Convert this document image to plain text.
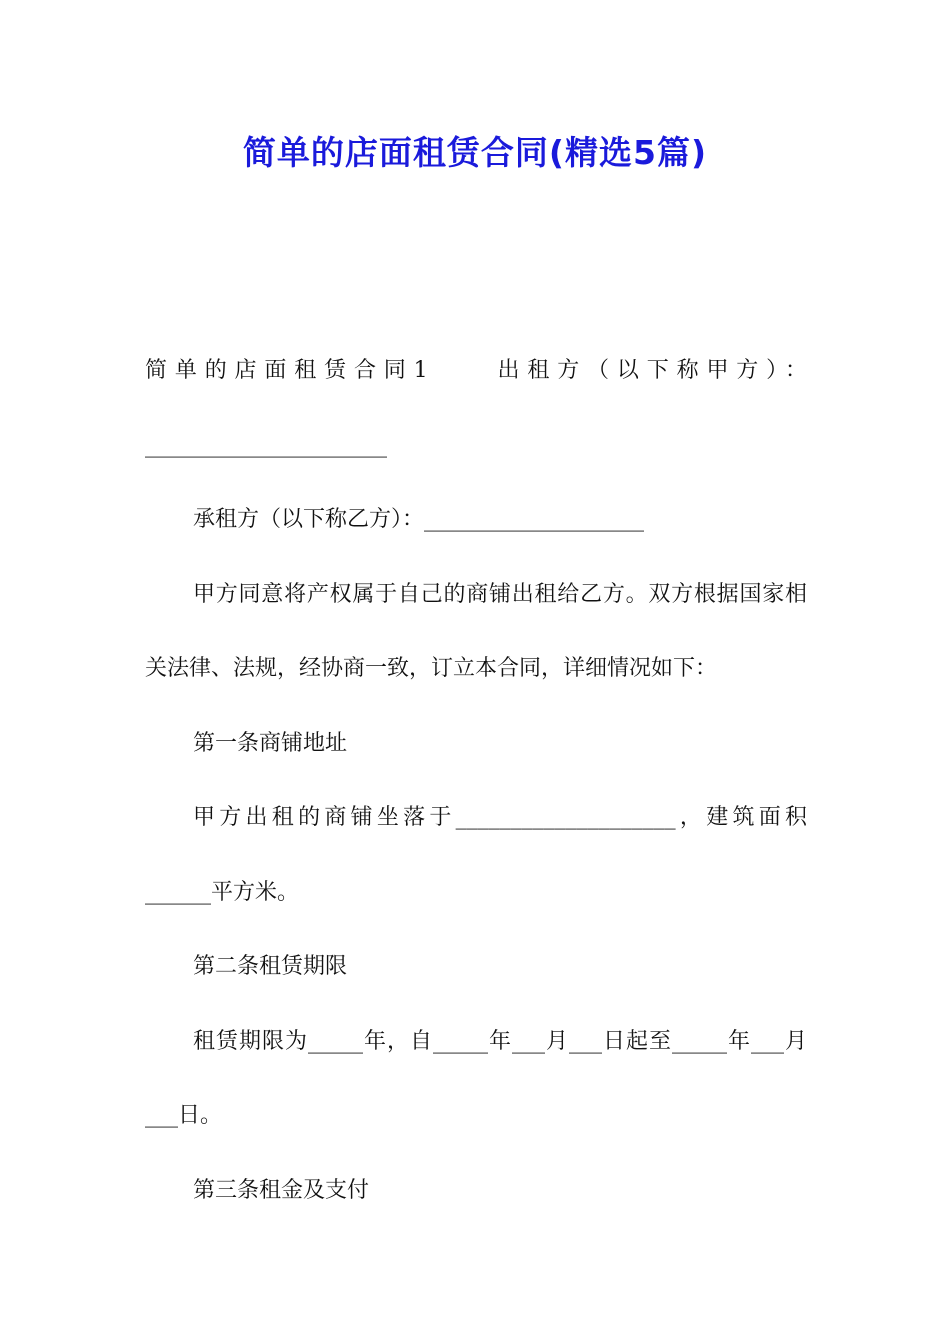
简单的店面租赁合同(精选5篇)

简单的店面租赁合同1	出租方（以下称甲方）：______________________

承租方（以下称乙方）：____________________

甲方同意将产权属于自己的商铺出租给乙方。双方根据国家相关法律、法规，经协商一致，订立本合同，详细情况如下：

第一条商铺地址

甲方出租的商铺坐落于____________________，建筑面积______平方米。

第二条租赁期限

租赁期限为_____年，自_____年___月___日起至_____年___月___日。

第三条租金及支付
